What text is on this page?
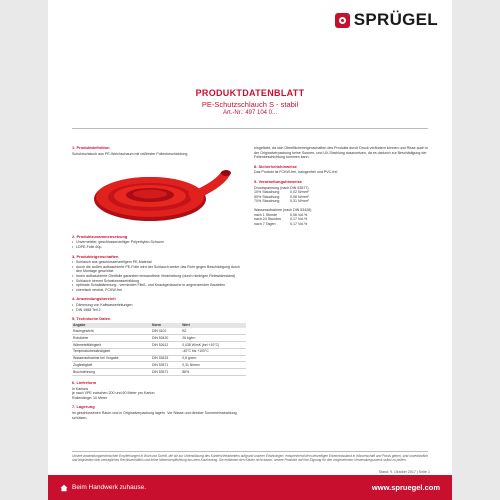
SPRÜGEL
PRODUKTDATENBLATT
PE-Schutzschlauch S - stabil
Art.-Nr.: 497 104 0...
1. Produktdefinition
Schutzschlauch aus PE-Weichschaum mit reißfester Folienbeschichtung
2. Produktzusammensetzung
• Unvernetzter, geschlossenzelliger Polyethylen-Schaum
• LDPE-Folie 60µ
3. Produkteigenschaften
• Schlauch aus geschlossenzelligem PE-Material
• durch die außen aufkaschierte PE-Folie wird der Schlauch weder das Rohr gegen Beschädigung durch den Montage geschützt
• Innen aufkaschierte Gleitfolie garantiert einwandfreie Verarbeitung (durch niedrigen Reibwiderstand)
• Schlauch hemmt Schwitzwasserbildung
• optimale Schalldämmung - vermindert Fließ- und Knackgeräusche in angrenzenden Bauteilen
• chemisch neutral, FCKW-frei
4. Anwendungsbereich
• Dämmung von Kaltwasserleitungen
• DIN 1988 Teil 2
5. Technische Daten
Angabe	Norm	Wert
Raumgewicht	DIN 4102	B2
Rohdichte	DIN 53420	26 kg/m³
Wärmeleitfähigkeit	DIN 52612	0,038 W/mK (bei +10°C)
Temperaturbeständigkeit		-40°C bis +100°C
Wasseraufnahme bei Vorgabe	DIN 53433	0,5 g/cm³
Zugfestigkeit	DIN 53571	0,31 N/mm²
Bruchdehnung	DIN 53571	88%
6. Lieferform
in Kartons
je nach VPE zwischen 200 und 60 Meter pro Karton
Rollenlänge: 10 Meter
7. Lagerung
im geschlossenen Raum und in Originalverpackung lagern. Vor Nässe und direkter Sonneneinstrahlung schützen.
eingefärbt, da sich Oberflächeneigenschaften des Produkts durch Druck verändern können und Risse auch in der Originalverpackung keine Sonnen- und UV-Strahlung auszusetzen, da es dadurch zur Beschädigung der Folienbeschichtung kommen kann.
8. Sicherheitshinweise
Das Produkt ist FCKW-frei, halogenfrei und PVC-frei
9. Verarbeitungshinweise
Druckspannung (nach DIN 53577)
10% Stauchung	0,02 N/mm²
50% Stauchung	0,06 N/mm²
70% Stauchung	0,31 N/mm²
Wasseraufnahme (nach DIN 53428)
nach 1 Stunde	0,06 Vol.%
nach 24 Stunden	0,17 Vol.%
nach 7 Tagen	0,17 Vol.%
Unsere anwendungstechnischen Empfehlungen in Wort und Schrift, die wir zur Unterstützung des Kunden/Verarbeiters aufgrund unserer Erfahrungen, entsprechend dem derzeitigen Erkenntnisstand in Wissenschaft und Praxis geben, sind unverbindlich und begründen kein vertragliches Rechtsverhältnis und keine Nebenverpflichtung aus dem Kaufvertrag. Sie entbinden den Käufer nicht davon, unsere Produkte auf ihre Eignung für den vorgesehenen Verwendungszweck selbst zu prüfen.
Stand: 9. Oktober 2017 | Seite 1
Beim Handwerk zuhause.	www.spruegel.com
